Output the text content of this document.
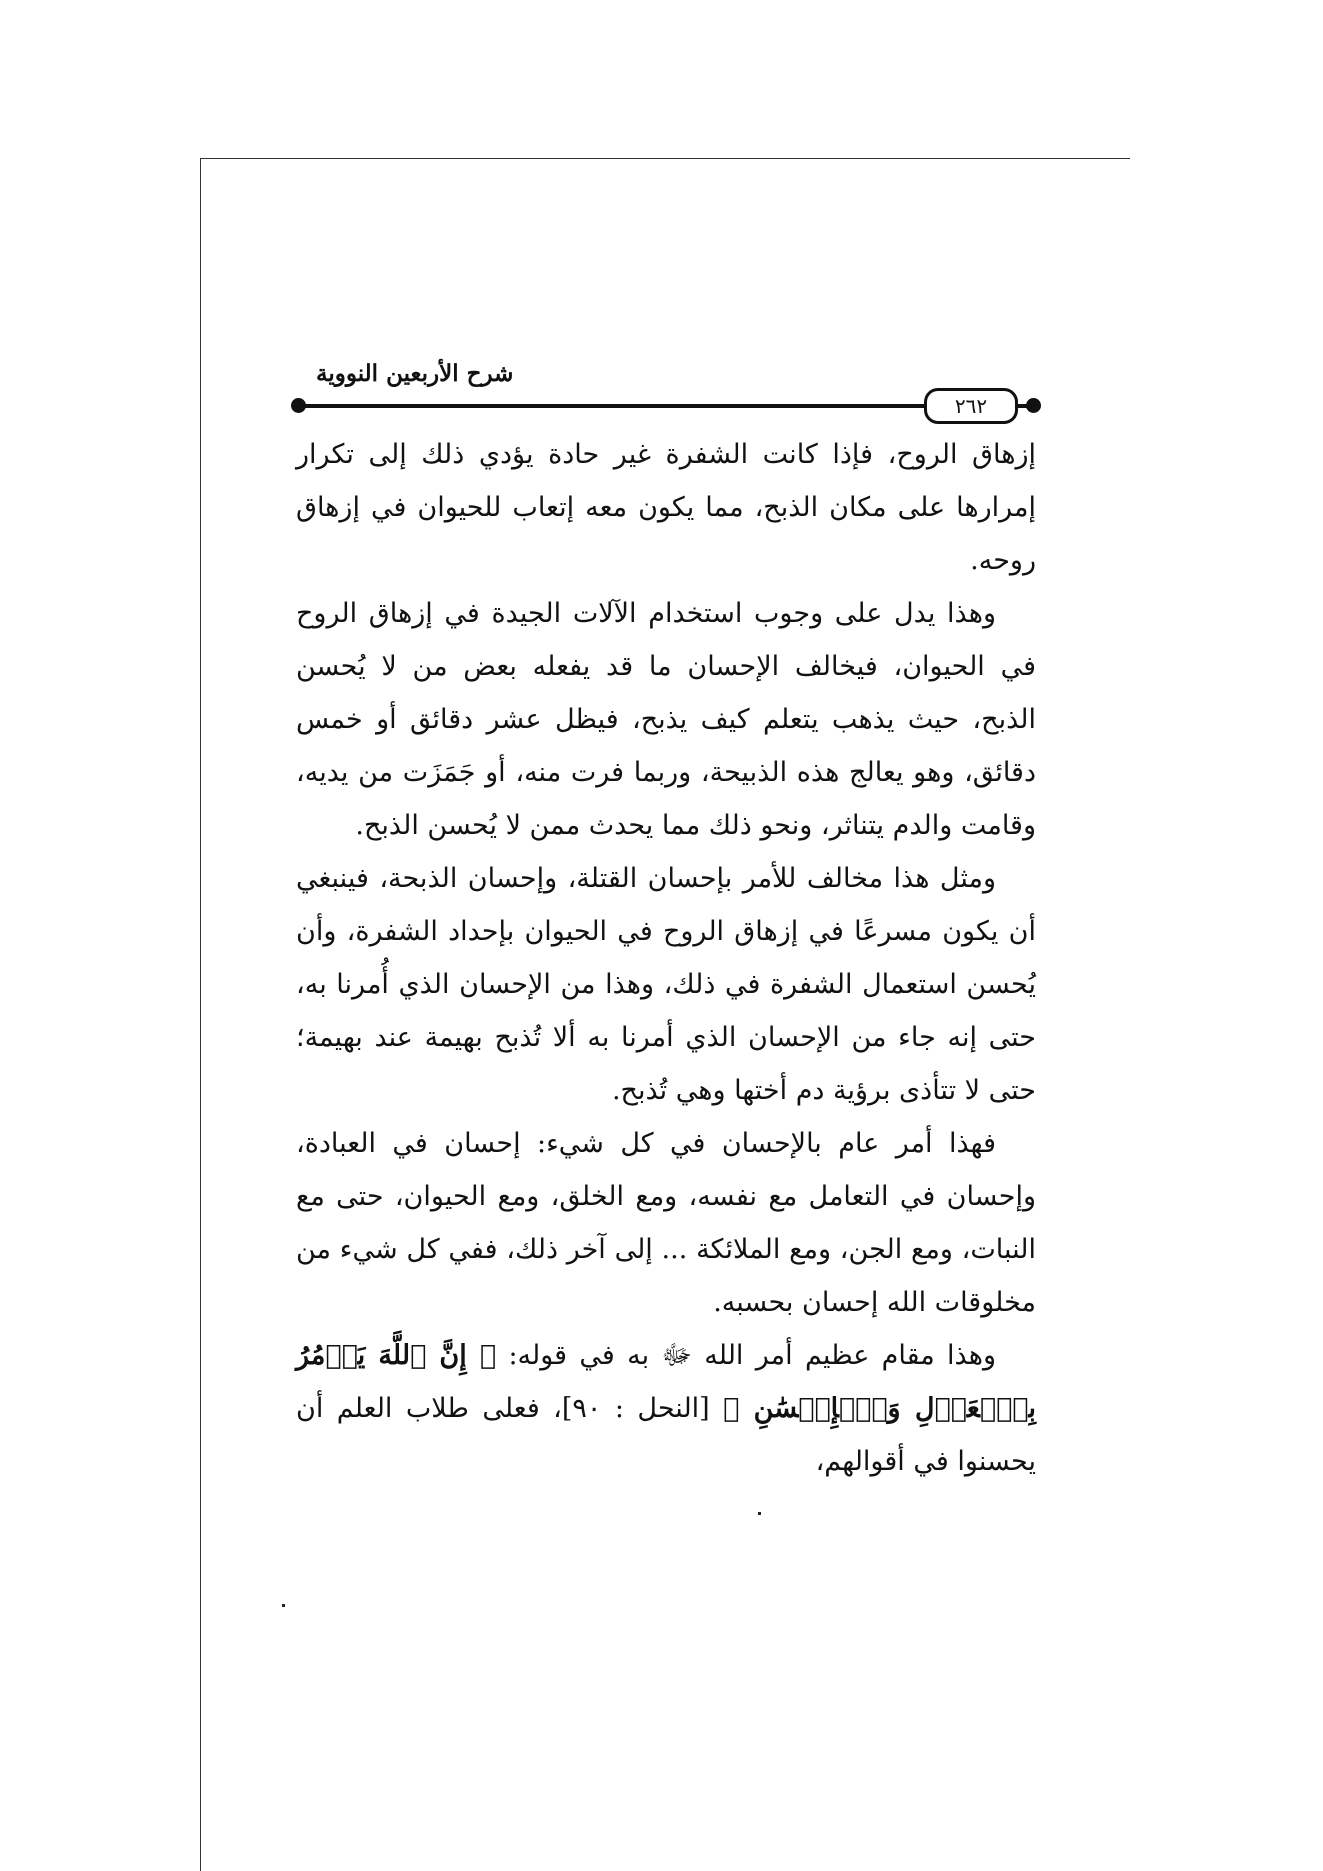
شرح الأربعين النووية
٢٦٢

إزهاق الروح، فإذا كانت الشفرة غير حادة يؤدي ذلك إلى تكرار إمرارها على مكان الذبح، مما يكون معه إتعاب للحيوان في إزهاق روحه.

وهذا يدل على وجوب استخدام الآلات الجيدة في إزهاق الروح في الحيوان، فيخالف الإحسان ما قد يفعله بعض من لا يُحسن الذبح، حيث يذهب يتعلم كيف يذبح، فيظل عشر دقائق أو خمس دقائق، وهو يعالج هذه الذبيحة، وربما فرت منه، أو جَمَزَت من يديه، وقامت والدم يتناثر، ونحو ذلك مما يحدث ممن لا يُحسن الذبح.

ومثل هذا مخالف للأمر بإحسان القتلة، وإحسان الذبحة، فينبغي أن يكون مسرعًا في إزهاق الروح في الحيوان بإحداد الشفرة، وأن يُحسن استعمال الشفرة في ذلك، وهذا من الإحسان الذي أُمرنا به، حتى إنه جاء من الإحسان الذي أمرنا به ألا تُذبح بهيمة عند بهيمة؛ حتى لا تتأذى برؤية دم أختها وهي تُذبح.

فهذا أمر عام بالإحسان في كل شيء: إحسان في العبادة، وإحسان في التعامل مع نفسه، ومع الخلق، ومع الحيوان، حتى مع النبات، ومع الجن، ومع الملائكة ... إلى آخر ذلك، ففي كل شيء من مخلوقات الله إحسان بحسبه.

وهذا مقام عظيم أمر الله ﷻ به في قوله: ﴿ إِنَّ ٱللَّهَ يَأۡمُرُ بِٱلۡعَدۡلِ وَٱلۡإِحۡسَٰنِ ﴾ [النحل : ٩٠]، فعلى طلاب العلم أن يحسنوا في أقوالهم،
